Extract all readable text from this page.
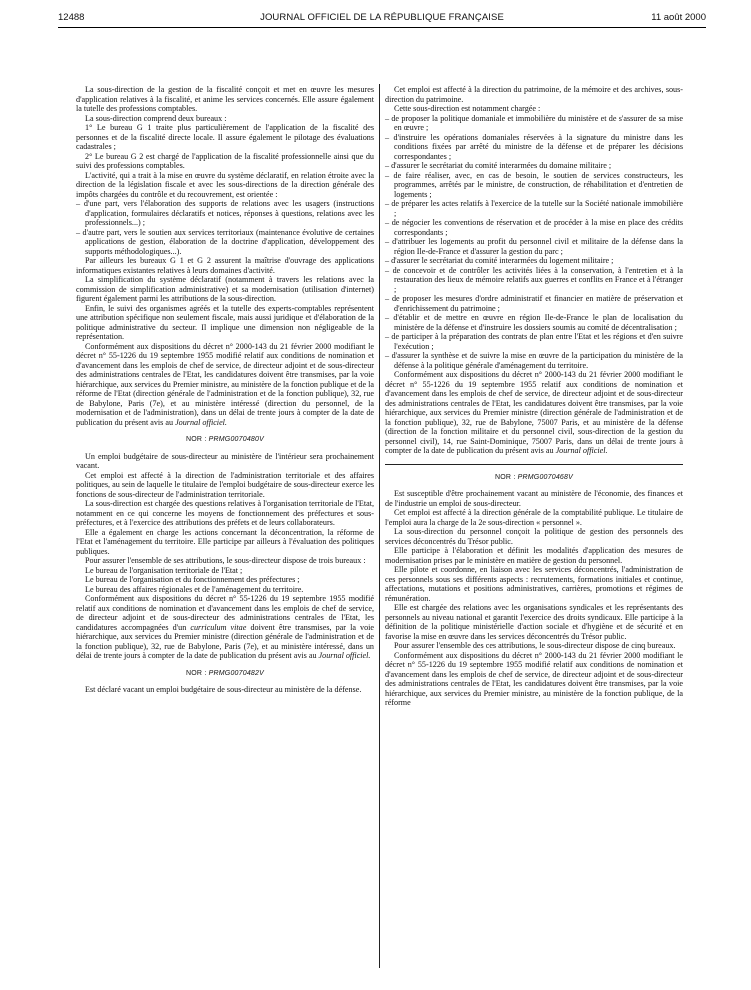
12488	JOURNAL OFFICIEL DE LA RÉPUBLIQUE FRANÇAISE	11 août 2000

La sous-direction de la gestion de la fiscalité conçoit et met en œuvre les mesures d'application relatives à la fiscalité, et anime les services concernés. Elle assure également la tutelle des professions comptables.

La sous-direction comprend deux bureaux :

1° Le bureau G 1 traite plus particulièrement de l'application de la fiscalité des personnes et de la fiscalité directe locale. Il assure également le pilotage des évaluations cadastrales ;

2° Le bureau G 2 est chargé de l'application de la fiscalité professionnelle ainsi que du suivi des professions comptables.

L'activité, qui a trait à la mise en œuvre du système déclaratif, en relation étroite avec la direction de la législation fiscale et avec les sous-directions de la direction générale des impôts chargées du contrôle et du recouvrement, est orientée :

– d'une part, vers l'élaboration des supports de relations avec les usagers (instructions d'application, formulaires déclaratifs et notices, réponses à questions, relations avec les professionnels...) ;
– d'autre part, vers le soutien aux services territoriaux (maintenance évolutive de certaines applications de gestion, élaboration de la doctrine d'application, développement des supports méthodologiques...).

Par ailleurs les bureaux G 1 et G 2 assurent la maîtrise d'ouvrage des applications informatiques existantes relatives à leurs domaines d'activité.

La simplification du système déclaratif (notamment à travers les relations avec la commission de simplification administrative) et sa modernisation (utilisation d'internet) figurent également parmi les attributions de la sous-direction.

Enfin, le suivi des organismes agréés et la tutelle des experts-comptables représentent une attribution spécifique non seulement fiscale, mais aussi juridique et d'élaboration de la politique administrative du secteur. Il implique une dimension non négligeable de la représentation.

Conformément aux dispositions du décret n° 2000-143 du 21 février 2000 modifiant le décret n° 55-1226 du 19 septembre 1955 modifié relatif aux conditions de nomination et d'avancement dans les emplois de chef de service, de directeur adjoint et de sous-directeur des administrations centrales de l'Etat, les candidatures doivent être transmises, par la voie hiérarchique, aux services du Premier ministre, au ministère de la fonction publique et de la réforme de l'Etat (direction générale de l'administration et de la fonction publique), 32, rue de Babylone, Paris (7e), et au ministère intéressé (direction du personnel, de la modernisation et de l'administration), dans un délai de trente jours à compter de la date de publication du présent avis au Journal officiel.

NOR : PRMG0070480V

Un emploi budgétaire de sous-directeur au ministère de l'intérieur sera prochainement vacant.

Cet emploi est affecté à la direction de l'administration territoriale et des affaires politiques, au sein de laquelle le titulaire de l'emploi budgétaire de sous-directeur exerce les fonctions de sous-directeur de l'administration territoriale.

La sous-direction est chargée des questions relatives à l'organisation territoriale de l'Etat, notamment en ce qui concerne les moyens de fonctionnement des préfectures et sous-préfectures, et à l'exercice des attributions des préfets et de leurs collaborateurs.

Elle a également en charge les actions concernant la déconcentration, la réforme de l'Etat et l'aménagement du territoire. Elle participe par ailleurs à l'évaluation des politiques publiques.

Pour assurer l'ensemble de ses attributions, le sous-directeur dispose de trois bureaux :

Le bureau de l'organisation territoriale de l'Etat ;

Le bureau de l'organisation et du fonctionnement des préfectures ;

Le bureau des affaires régionales et de l'aménagement du territoire.

Conformément aux dispositions du décret n° 55-1226 du 19 septembre 1955 modifié relatif aux conditions de nomination et d'avancement dans les emplois de chef de service, de directeur adjoint et de sous-directeur des administrations centrales de l'Etat, les candidatures accompagnées d'un curriculum vitae doivent être transmises, par la voie hiérarchique, aux services du Premier ministre (direction générale de l'administration et de la fonction publique), 32, rue de Babylone, Paris (7e), et au ministère intéressé, dans un délai de trente jours à compter de la date de publication du présent avis au Journal officiel.

NOR : PRMG0070482V

Est déclaré vacant un emploi budgétaire de sous-directeur au ministère de la défense.

Cet emploi est affecté à la direction du patrimoine, de la mémoire et des archives, sous-direction du patrimoine.

Cette sous-direction est notamment chargée :

– de proposer la politique domaniale et immobilière du ministère et de s'assurer de sa mise en œuvre ;
– d'instruire les opérations domaniales réservées à la signature du ministre dans les conditions fixées par arrêté du ministre de la défense et de préparer les décisions correspondantes ;
– d'assurer le secrétariat du comité interarmées du domaine militaire ;
– de faire réaliser, avec, en cas de besoin, le soutien de services constructeurs, les programmes, arrêtés par le ministre, de construction, de réhabilitation et d'entretien de logements ;
– de préparer les actes relatifs à l'exercice de la tutelle sur la Société nationale immobilière ;
– de négocier les conventions de réservation et de procéder à la mise en place des crédits correspondants ;
– d'attribuer les logements au profit du personnel civil et militaire de la défense dans la région Ile-de-France et d'assurer la gestion du parc ;
– d'assurer le secrétariat du comité interarmées du logement militaire ;
– de concevoir et de contrôler les activités liées à la conservation, à l'entretien et à la restauration des lieux de mémoire relatifs aux guerres et conflits en France et à l'étranger ;
– de proposer les mesures d'ordre administratif et financier en matière de préservation et d'enrichissement du patrimoine ;
– d'établir et de mettre en œuvre en région Ile-de-France le plan de localisation du ministère de la défense et d'instruire les dossiers soumis au comité de décentralisation ;
– de participer à la préparation des contrats de plan entre l'Etat et les régions et d'en suivre l'exécution ;
– d'assurer la synthèse et de suivre la mise en œuvre de la participation du ministère de la défense à la politique générale d'aménagement du territoire.

Conformément aux dispositions du décret n° 2000-143 du 21 février 2000 modifiant le décret n° 55-1226 du 19 septembre 1955 relatif aux conditions de nomination et d'avancement dans les emplois de chef de service, de directeur adjoint et de sous-directeur des administrations centrales de l'Etat, les candidatures doivent être transmises, par la voie hiérarchique, aux services du Premier ministre (direction générale de l'administration et de la fonction publique), 32, rue de Babylone, 75007 Paris, et au ministère de la défense (direction de la fonction militaire et du personnel civil, sous-direction de la gestion du personnel civil), 14, rue Saint-Dominique, 75007 Paris, dans un délai de trente jours à compter de la date de publication du présent avis au Journal officiel.

NOR : PRMG0070468V

Est susceptible d'être prochainement vacant au ministère de l'économie, des finances et de l'industrie un emploi de sous-directeur.

Cet emploi est affecté à la direction générale de la comptabilité publique. Le titulaire de l'emploi aura la charge de la 2e sous-direction « personnel ».

La sous-direction du personnel conçoit la politique de gestion des personnels des services déconcentrés du Trésor public.

Elle participe à l'élaboration et définit les modalités d'application des mesures de modernisation prises par le ministère en matière de gestion du personnel.

Elle pilote et coordonne, en liaison avec les services déconcentrés, l'administration de ces personnels sous ses différents aspects : recrutements, formations initiales et continue, affectations, mutations et positions administratives, carrières, promotions et régimes de rémunération.

Elle est chargée des relations avec les organisations syndicales et les représentants des personnels au niveau national et garantit l'exercice des droits syndicaux. Elle participe à la définition de la politique ministérielle d'action sociale et d'hygiène et de sécurité et en favorise la mise en œuvre dans les services déconcentrés du Trésor public.

Pour assurer l'ensemble des ces attributions, le sous-directeur dispose de cinq bureaux.

Conformément aux dispositions du décret n° 2000-143 du 21 février 2000 modifiant le décret n° 55-1226 du 19 septembre 1955 modifié relatif aux conditions de nomination et d'avancement dans les emplois de chef de service, de directeur adjoint et de sous-directeur des administrations centrales de l'Etat, les candidatures doivent être transmises, par la voie hiérarchique, aux services du Premier ministre, au ministère de la fonction publique, de la réforme
